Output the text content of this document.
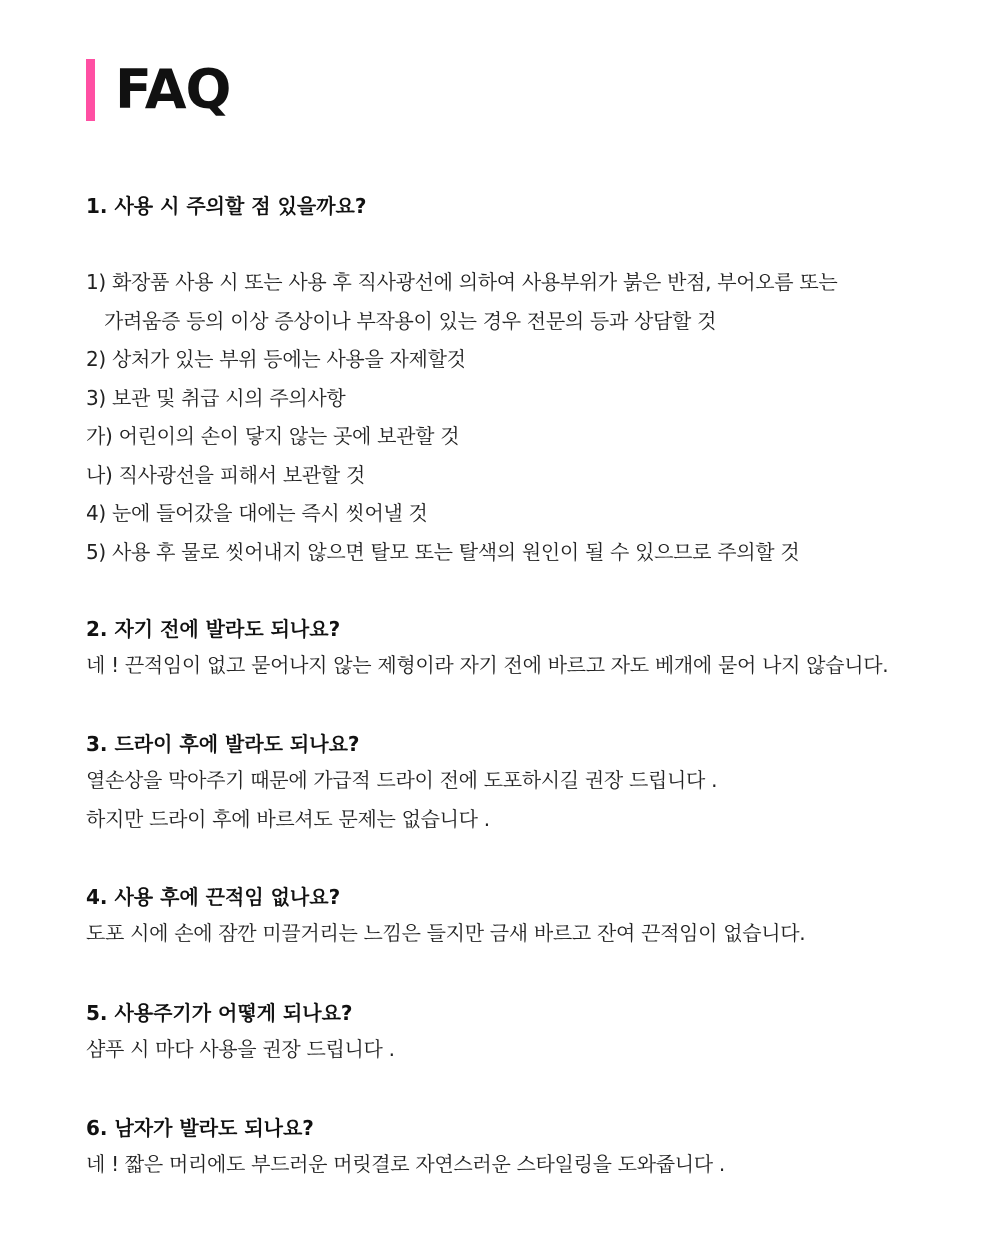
FAQ

1. 사용 시 주의할 점 있을까요?

1) 화장품 사용 시 또는 사용 후 직사광선에 의하여 사용부위가 붉은 반점, 부어오름 또는

가려움증 등의 이상 증상이나 부작용이 있는 경우 전문의 등과 상담할 것

2) 상처가 있는 부위 등에는 사용을 자제할것

3) 보관 및 취급 시의 주의사항

가) 어린이의 손이 닿지 않는 곳에 보관할 것

나) 직사광선을 피해서 보관할 것

4) 눈에 들어갔을 대에는 즉시 씻어낼 것

5) 사용 후 물로 씻어내지 않으면 탈모 또는 탈색의 원인이 될 수 있으므로 주의할 것

2. 자기 전에 발라도 되나요?

네 ! 끈적임이 없고 묻어나지 않는 제형이라 자기 전에 바르고 자도 베개에 묻어 나지 않습니다.

3. 드라이 후에 발라도 되나요?

열손상을 막아주기 때문에 가급적 드라이 전에 도포하시길 권장 드립니다 .

하지만 드라이 후에 바르셔도 문제는 없습니다 .

4. 사용 후에 끈적임 없나요?

도포 시에 손에 잠깐 미끌거리는 느낌은 들지만 금새 바르고 잔여 끈적임이 없습니다.

5. 사용주기가 어떻게 되나요?

샴푸 시 마다 사용을 권장 드립니다 .

6. 남자가 발라도 되나요?

네 ! 짧은 머리에도 부드러운 머릿결로 자연스러운 스타일링을 도와줍니다 .
